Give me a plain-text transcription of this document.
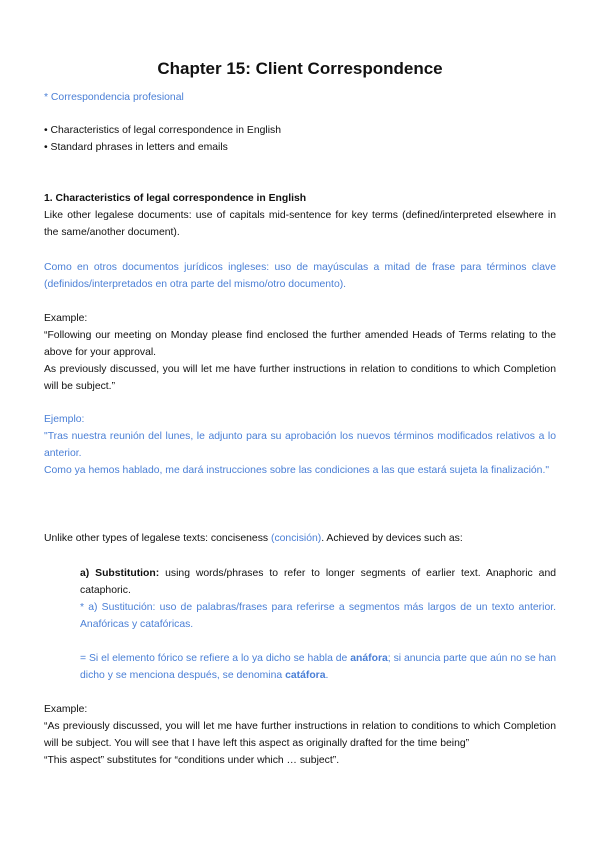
Chapter 15: Client Correspondence
* Correspondencia profesional

• Characteristics of legal correspondence in English

• Standard phrases in letters and emails

1. Characteristics of legal correspondence in English
Like other legalese documents: use of capitals mid-sentence for key terms (defined/interpreted elsewhere in the same/another document).
Como en otros documentos jurídicos ingleses: uso de mayúsculas a mitad de frase para términos clave (definidos/interpretados en otra parte del mismo/otro documento).

Example:

“Following our meeting on Monday please find enclosed the further amended Heads of Terms relating to the above for your approval.

As previously discussed, you will let me have further instructions in relation to conditions to which Completion will be subject.”

Ejemplo:

"Tras nuestra reunión del lunes, le adjunto para su aprobación los nuevos términos modificados relativos a lo anterior.

Como ya hemos hablado, me dará instrucciones sobre las condiciones a las que estará sujeta la finalización."

Unlike other types of legalese texts: conciseness (concisión). Achieved by devices such as:
a) Substitution: using words/phrases to refer to longer segments of earlier text. Anaphoric and cataphoric.
* a) Sustitución: uso de palabras/frases para referirse a segmentos más largos de un texto anterior. Anafóricas y catafóricas.
= Si el elemento fórico se refiere a lo ya dicho se habla de anáfora; si anuncia parte que aún no se han dicho y se menciona después, se denomina catáfora.

Example:

“As previously discussed, you will let me have further instructions in relation to conditions to which Completion will be subject. You will see that I have left this aspect as originally drafted for the time being”

“This aspect” substitutes for “conditions under which … subject”.
